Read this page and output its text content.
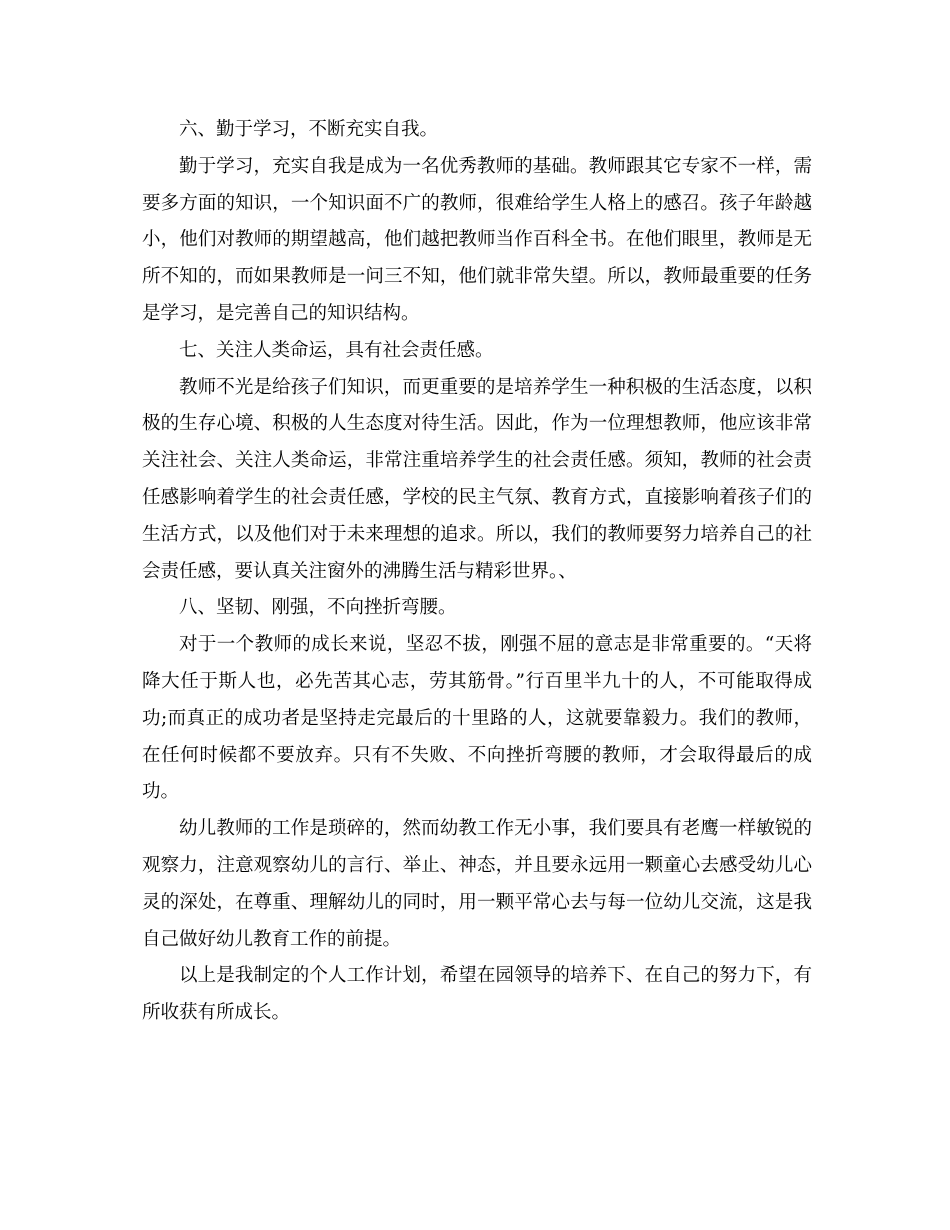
六、勤于学习，不断充实自我。

勤于学习，充实自我是成为一名优秀教师的基础。教师跟其它专家不一样，需要多方面的知识，一个知识面不广的教师，很难给学生人格上的感召。孩子年龄越小，他们对教师的期望越高，他们越把教师当作百科全书。在他们眼里，教师是无所不知的，而如果教师是一问三不知，他们就非常失望。所以，教师最重要的任务是学习，是完善自己的知识结构。

七、关注人类命运，具有社会责任感。

教师不光是给孩子们知识，而更重要的是培养学生一种积极的生活态度，以积极的生存心境、积极的人生态度对待生活。因此，作为一位理想教师，他应该非常关注社会、关注人类命运，非常注重培养学生的社会责任感。须知，教师的社会责任感影响着学生的社会责任感，学校的民主气氛、教育方式，直接影响着孩子们的生活方式，以及他们对于未来理想的追求。所以，我们的教师要努力培养自己的社会责任感，要认真关注窗外的沸腾生活与精彩世界。、

八、坚韧、刚强，不向挫折弯腰。

对于一个教师的成长来说，坚忍不拔，刚强不屈的意志是非常重要的。“天将降大任于斯人也，必先苦其心志，劳其筋骨。”行百里半九十的人，不可能取得成功;而真正的成功者是坚持走完最后的十里路的人，这就要靠毅力。我们的教师，在任何时候都不要放弃。只有不失败、不向挫折弯腰的教师，才会取得最后的成功。

幼儿教师的工作是琐碎的，然而幼教工作无小事，我们要具有老鹰一样敏锐的观察力，注意观察幼儿的言行、举止、神态，并且要永远用一颗童心去感受幼儿心灵的深处，在尊重、理解幼儿的同时，用一颗平常心去与每一位幼儿交流，这是我自己做好幼儿教育工作的前提。

以上是我制定的个人工作计划，希望在园领导的培养下、在自己的努力下，有所收获有所成长。
